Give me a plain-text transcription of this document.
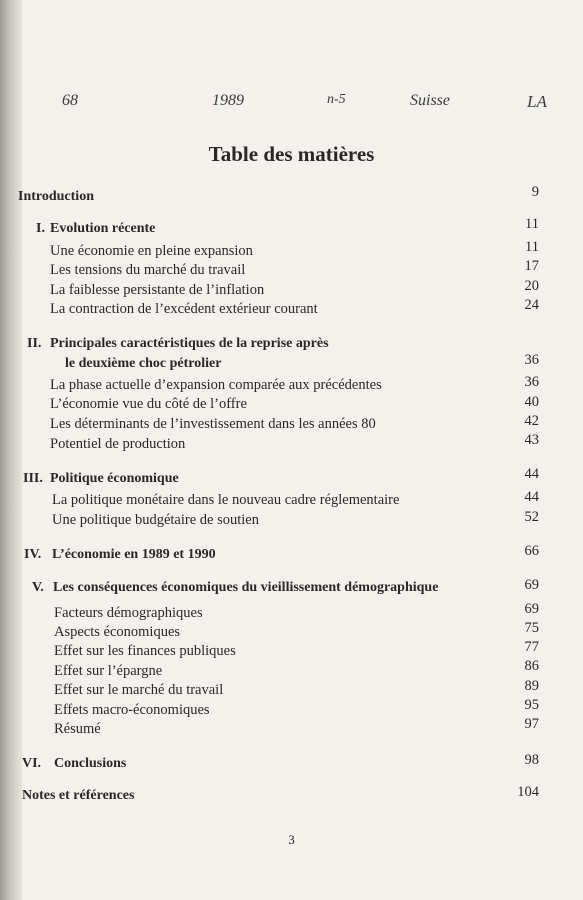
68	1989	n-5	Suisse	LA
Table des matières
Introduction	9
I. Evolution récente	11
Une économie en pleine expansion	11
Les tensions du marché du travail	17
La faiblesse persistante de l’inflation	20
La contraction de l’excédent extérieur courant	24
II. Principales caractéristiques de la reprise après
le deuxième choc pétrolier	36
La phase actuelle d’expansion comparée aux précédentes	36
L’économie vue du côté de l’offre	40
Les déterminants de l’investissement dans les années 80	42
Potentiel de production	43
III. Politique économique	44
La politique monétaire dans le nouveau cadre réglementaire	44
Une politique budgétaire de soutien	52
IV. L’économie en 1989 et 1990	66
V. Les conséquences économiques du vieillissement démographique	69
Facteurs démographiques	69
Aspects économiques	75
Effet sur les finances publiques	77
Effet sur l’épargne	86
Effet sur le marché du travail	89
Effets macro-économiques	95
Résumé	97
VI. Conclusions	98
Notes et références	104
3
